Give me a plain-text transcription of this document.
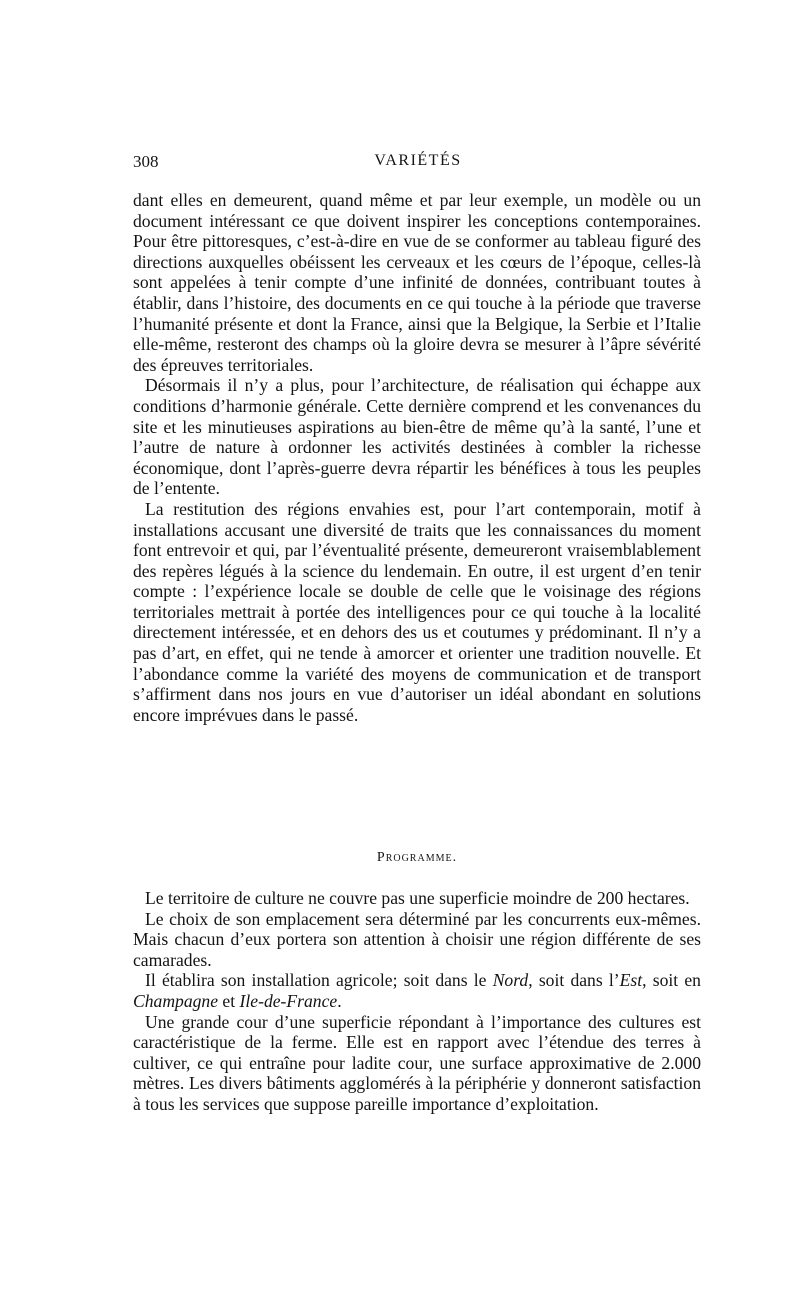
308	VARIÉTÉS

dant elles en demeurent, quand même et par leur exemple, un modèle ou un document intéressant ce que doivent inspirer les conceptions contemporaines. Pour être pittoresques, c’est-à-dire en vue de se conformer au tableau figuré des directions auxquelles obéissent les cerveaux et les cœurs de l’époque, celles-là sont appelées à tenir compte d’une infinité de données, contribuant toutes à établir, dans l’histoire, des documents en ce qui touche à la période que traverse l’humanité présente et dont la France, ainsi que la Belgique, la Serbie et l’Italie elle-même, resteront des champs où la gloire devra se mesurer à l’âpre sévérité des épreuves territoriales.

Désormais il n’y a plus, pour l’architecture, de réalisation qui échappe aux conditions d’harmonie générale. Cette dernière comprend et les convenances du site et les minutieuses aspirations au bien-être de même qu’à la santé, l’une et l’autre de nature à ordonner les activités destinées à combler la richesse économique, dont l’après-guerre devra répartir les bénéfices à tous les peuples de l’entente.

La restitution des régions envahies est, pour l’art contemporain, motif à installations accusant une diversité de traits que les connaissances du moment font entrevoir et qui, par l’éventualité présente, demeureront vraisemblablement des repères légués à la science du lendemain. En outre, il est urgent d’en tenir compte : l’expérience locale se double de celle que le voisinage des régions territoriales mettrait à portée des intelligences pour ce qui touche à la localité directement intéressée, et en dehors des us et coutumes y prédominant. Il n’y a pas d’art, en effet, qui ne tende à amorcer et orienter une tradition nouvelle. Et l’abondance comme la variété des moyens de communication et de transport s’affirment dans nos jours en vue d’autoriser un idéal abondant en solutions encore imprévues dans le passé.

Programme.

Le territoire de culture ne couvre pas une superficie moindre de 200 hectares.

Le choix de son emplacement sera déterminé par les concurrents eux-mêmes. Mais chacun d’eux portera son attention à choisir une région différente de ses camarades.

Il établira son installation agricole; soit dans le Nord, soit dans l’Est, soit en Champagne et Ile-de-France.

Une grande cour d’une superficie répondant à l’importance des cultures est caractéristique de la ferme. Elle est en rapport avec l’étendue des terres à cultiver, ce qui entraîne pour ladite cour, une surface approximative de 2.000 mètres. Les divers bâtiments agglomérés à la périphérie y donneront satisfaction à tous les services que suppose pareille importance d’exploitation.
